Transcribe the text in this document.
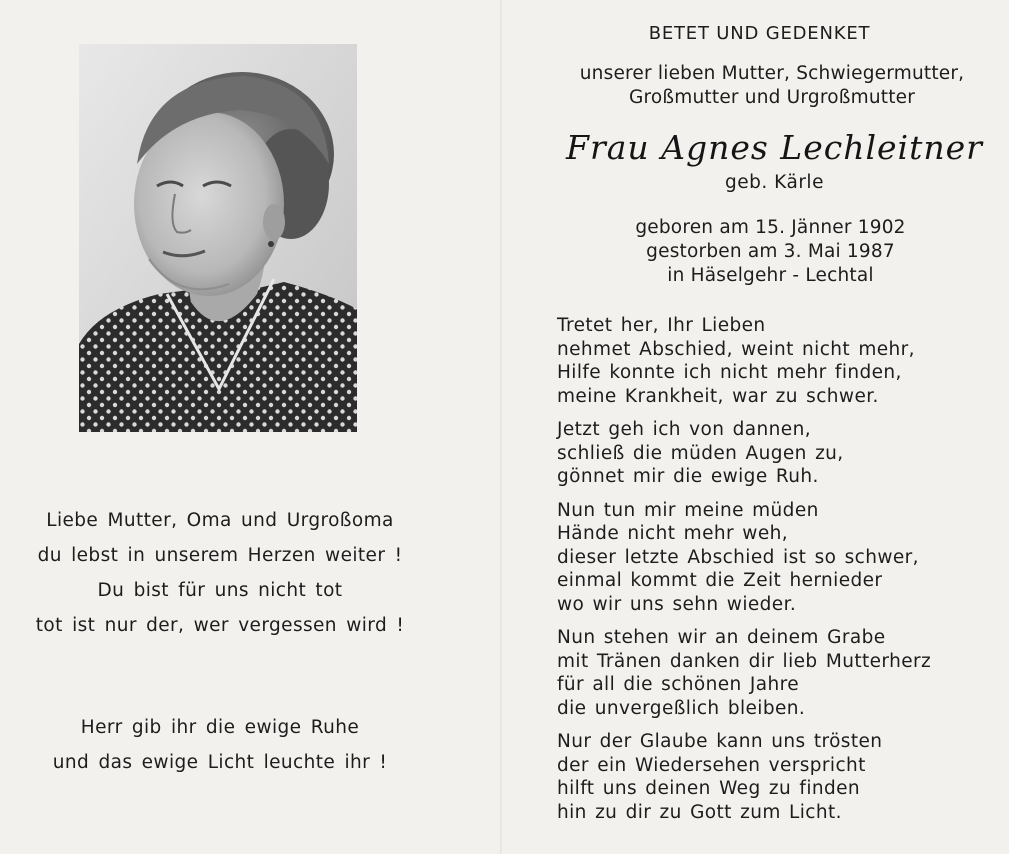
Liebe Mutter, Oma und Urgroßoma
du lebst in unserem Herzen weiter !
Du bist für uns nicht tot
tot ist nur der, wer vergessen wird !
Herr gib ihr die ewige Ruhe
und das ewige Licht leuchte ihr !
BETET UND GEDENKET
unserer lieben Mutter, Schwiegermutter,
Großmutter und Urgroßmutter
Frau Agnes Lechleitner
geb. Kärle
geboren am 15. Jänner 1902
gestorben am 3. Mai 1987
in Häselgehr - Lechtal
Tretet her, Ihr Lieben
nehmet Abschied, weint nicht mehr,
Hilfe konnte ich nicht mehr finden,
meine Krankheit, war zu schwer.
Jetzt geh ich von dannen,
schließ die müden Augen zu,
gönnet mir die ewige Ruh.
Nun tun mir meine müden
Hände nicht mehr weh,
dieser letzte Abschied ist so schwer,
einmal kommt die Zeit hernieder
wo wir uns sehn wieder.
Nun stehen wir an deinem Grabe
mit Tränen danken dir lieb Mutterherz
für all die schönen Jahre
die unvergeßlich bleiben.
Nur der Glaube kann uns trösten
der ein Wiedersehen verspricht
hilft uns deinen Weg zu finden
hin zu dir zu Gott zum Licht.
